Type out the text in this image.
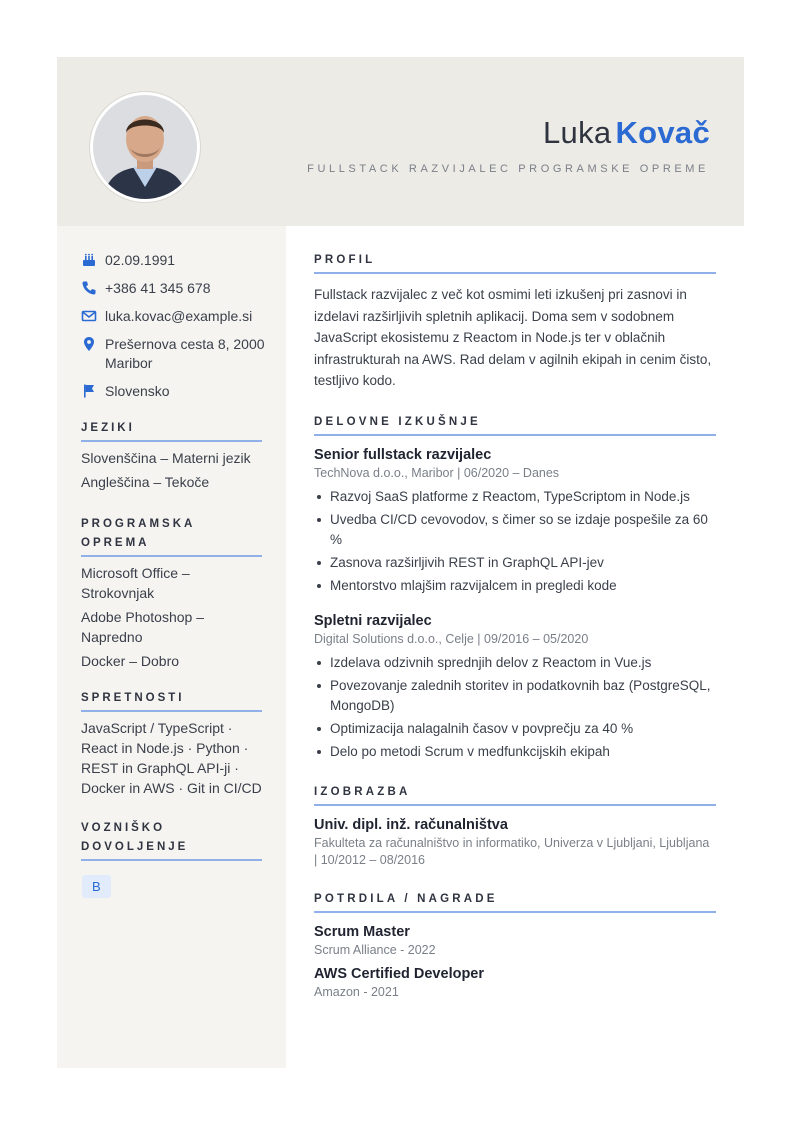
Luka Kovač
FULLSTACK RAZVIJALEC PROGRAMSKE OPREME
02.09.1991
+386 41 345 678
luka.kovac@example.si
Prešernova cesta 8, 2000 Maribor
Slovensko
JEZIKI
Slovenščina – Materni jezik
Angleščina – Tekoče
PROGRAMSKA OPREMA
Microsoft Office – Strokovnjak
Adobe Photoshop – Napredno
Docker – Dobro
SPRETNOSTI
JavaScript / TypeScript · React in Node.js · Python · REST in GraphQL API-ji · Docker in AWS · Git in CI/CD
VOZNIŠKO DOVOLJENJE
B
PROFIL
Fullstack razvijalec z več kot osmimi leti izkušenj pri zasnovi in izdelavi razširljivih spletnih aplikacij. Doma sem v sodobnem JavaScript ekosistemu z Reactom in Node.js ter v oblačnih infrastrukturah na AWS. Rad delam v agilnih ekipah in cenim čisto, testljivo kodo.
DELOVNE IZKUŠNJE
Senior fullstack razvijalec
TechNova d.o.o., Maribor | 06/2020 – Danes
Razvoj SaaS platforme z Reactom, TypeScriptom in Node.js
Uvedba CI/CD cevovodov, s čimer so se izdaje pospešile za 60 %
Zasnova razširljivih REST in GraphQL API-jev
Mentorstvo mlajšim razvijalcem in pregledi kode
Spletni razvijalec
Digital Solutions d.o.o., Celje | 09/2016 – 05/2020
Izdelava odzivnih sprednjih delov z Reactom in Vue.js
Povezovanje zalednih storitev in podatkovnih baz (PostgreSQL, MongoDB)
Optimizacija nalagalnih časov v povprečju za 40 %
Delo po metodi Scrum v medfunkcijskih ekipah
IZOBRAZBA
Univ. dipl. inž. računalništva
Fakulteta za računalništvo in informatiko, Univerza v Ljubljani, Ljubljana | 10/2012 – 08/2016
POTRDILA / NAGRADE
Scrum Master
Scrum Alliance - 2022
AWS Certified Developer
Amazon - 2021
